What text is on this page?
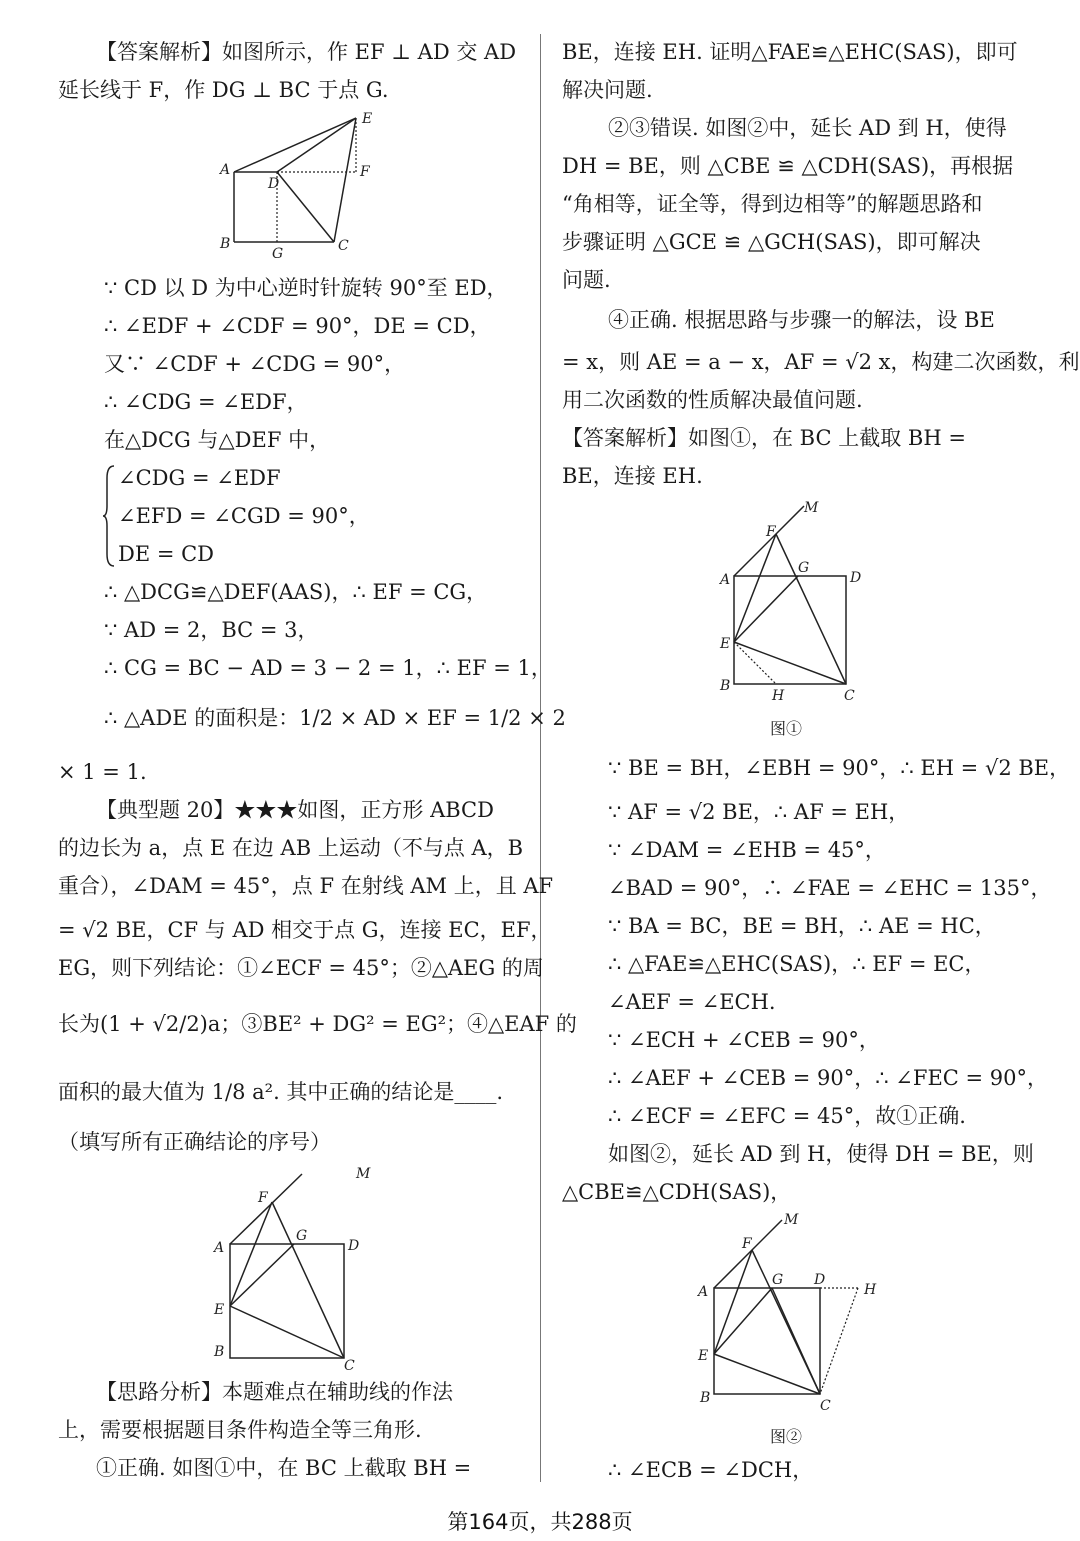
【答案解析】如图所示，作 EF ⊥ AD 交 AD
延长线于 F，作 DG ⊥ BC 于点 G.
E
A
D
F
B
G	C
∵ CD 以 D 为中心逆时针旋转 90°至 ED，
∴ ∠EDF + ∠CDF = 90°，DE = CD，
又∵ ∠CDF + ∠CDG = 90°，
∴ ∠CDG = ∠EDF，
在△DCG 与△DEF 中，
∠CDG = ∠EDF
∠EFD = ∠CGD = 90°，
DE = CD
∴ △DCG≌△DEF(AAS)，∴ EF = CG，
∵ AD = 2，BC = 3，
∴ CG = BC − AD = 3 − 2 = 1，∴ EF = 1，
∴ △ADE 的面积是：1/2 × AD × EF = 1/2 × 2
× 1 = 1.
【典型题 20】★★★如图，正方形 ABCD
的边长为 a，点 E 在边 AB 上运动（不与点 A，B
重合），∠DAM = 45°，点 F 在射线 AM 上，且 AF
= √2 BE，CF 与 AD 相交于点 G，连接 EC，EF，
EG，则下列结论：①∠ECF = 45°；②△AEG 的周
长为(1 + √2/2)a；③BE² + DG² = EG²；④△EAF 的
面积的最大值为 1/8 a². 其中正确的结论是____.
（填写所有正确结论的序号）
M
F
G
A	D
E
B
C
【思路分析】本题难点在辅助线的作法
上，需要根据题目条件构造全等三角形.
①正确. 如图①中，在 BC 上截取 BH =
BE，连接 EH. 证明△FAE≌△EHC(SAS)，即可
解决问题.
②③错误. 如图②中，延长 AD 到 H，使得
DH = BE，则 △CBE ≌ △CDH(SAS)，再根据
“角相等，证全等，得到边相等”的解题思路和
步骤证明 △GCE ≌ △GCH(SAS)，即可解决
问题.
④正确. 根据思路与步骤一的解法，设 BE
= x，则 AE = a − x，AF = √2 x，构建二次函数，利
用二次函数的性质解决最值问题.
【答案解析】如图①，在 BC 上截取 BH =
BE，连接 EH.
M
F
G
A	D
E
B
H	C
图①
∵ BE = BH，∠EBH = 90°，∴ EH = √2 BE，
∵ AF = √2 BE，∴ AF = EH，
∵ ∠DAM = ∠EHB = 45°，
∠BAD = 90°，∴ ∠FAE = ∠EHC = 135°，
∵ BA = BC，BE = BH，∴ AE = HC，
∴ △FAE≌△EHC(SAS)，∴ EF = EC，
∠AEF = ∠ECH.
∵ ∠ECH + ∠CEB = 90°，
∴ ∠AEF + ∠CEB = 90°，∴ ∠FEC = 90°，
∴ ∠ECF = ∠EFC = 45°，故①正确.
如图②，延长 AD 到 H，使得 DH = BE，则
△CBE≌△CDH(SAS)，
M
F
G D
H
A
E
B	C
图②
∴ ∠ECB = ∠DCH，
第164页，共288页
